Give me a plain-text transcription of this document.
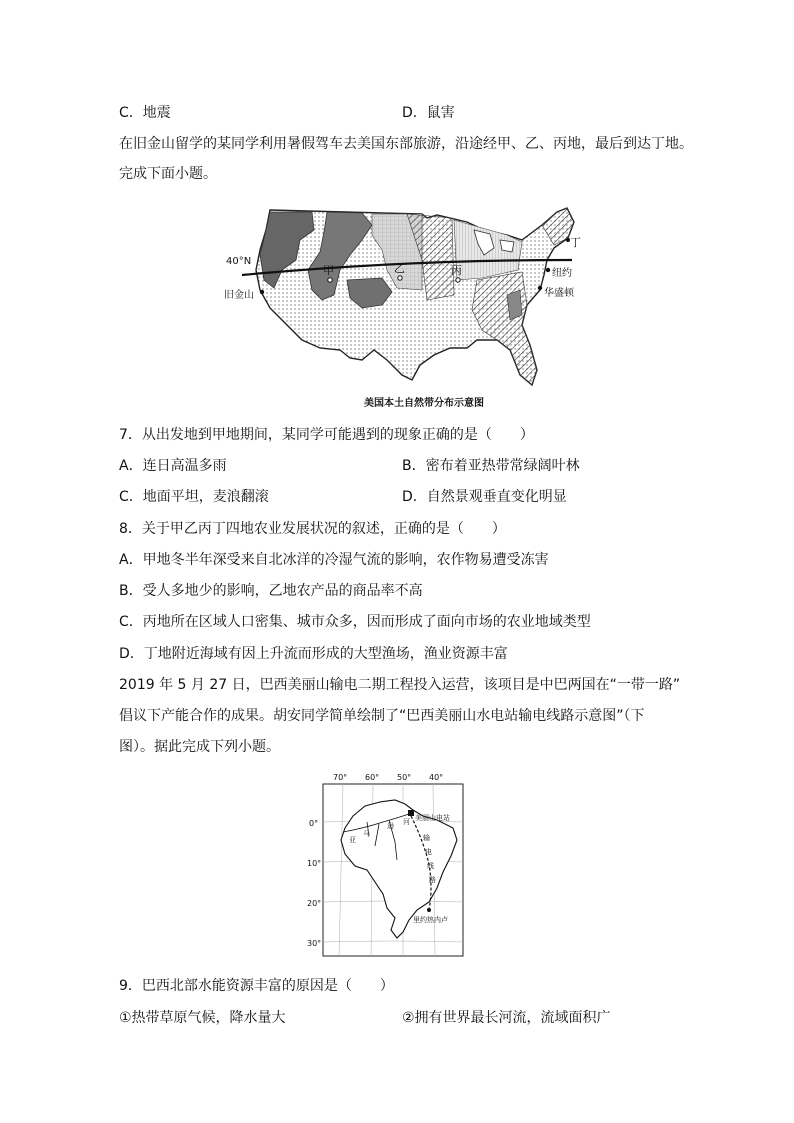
C．地震	D．鼠害
在旧金山留学的某同学利用暑假驾车去美国东部旅游，沿途经甲、乙、丙地，最后到达丁地。
完成下面小题。
40°N
旧金山
甲	乙	丙
丁
纽约
华盛顿
美国本土自然带分布示意图
7．从出发地到甲地期间，某同学可能遇到的现象正确的是（　　）
A．连日高温多雨	B．密布着亚热带常绿阔叶林
C．地面平坦，麦浪翻滚	D．自然景观垂直变化明显
8．关于甲乙丙丁四地农业发展状况的叙述，正确的是（　　）
A．甲地冬半年深受来自北冰洋的冷湿气流的影响，农作物易遭受冻害
B．受人多地少的影响，乙地农产品的商品率不高
C．丙地所在区域人口密集、城市众多，因而形成了面向市场的农业地域类型
D．丁地附近海域有因上升流而形成的大型渔场，渔业资源丰富
2019 年 5 月 27 日，巴西美丽山输电二期工程投入运营，该项目是中巴两国在“一带一路”
倡议下产能合作的成果。胡安同学简单绘制了“巴西美丽山水电站输电线路示意图”（下
图）。据此完成下列小题。
70° 60° 50° 40°
0°
10°
20°
30°
美丽山电站
输
电
线
路
亚
马
逊 河
里约热内卢
9．巴西北部水能资源丰富的原因是（　　）
①热带草原气候，降水量大	②拥有世界最长河流，流域面积广
